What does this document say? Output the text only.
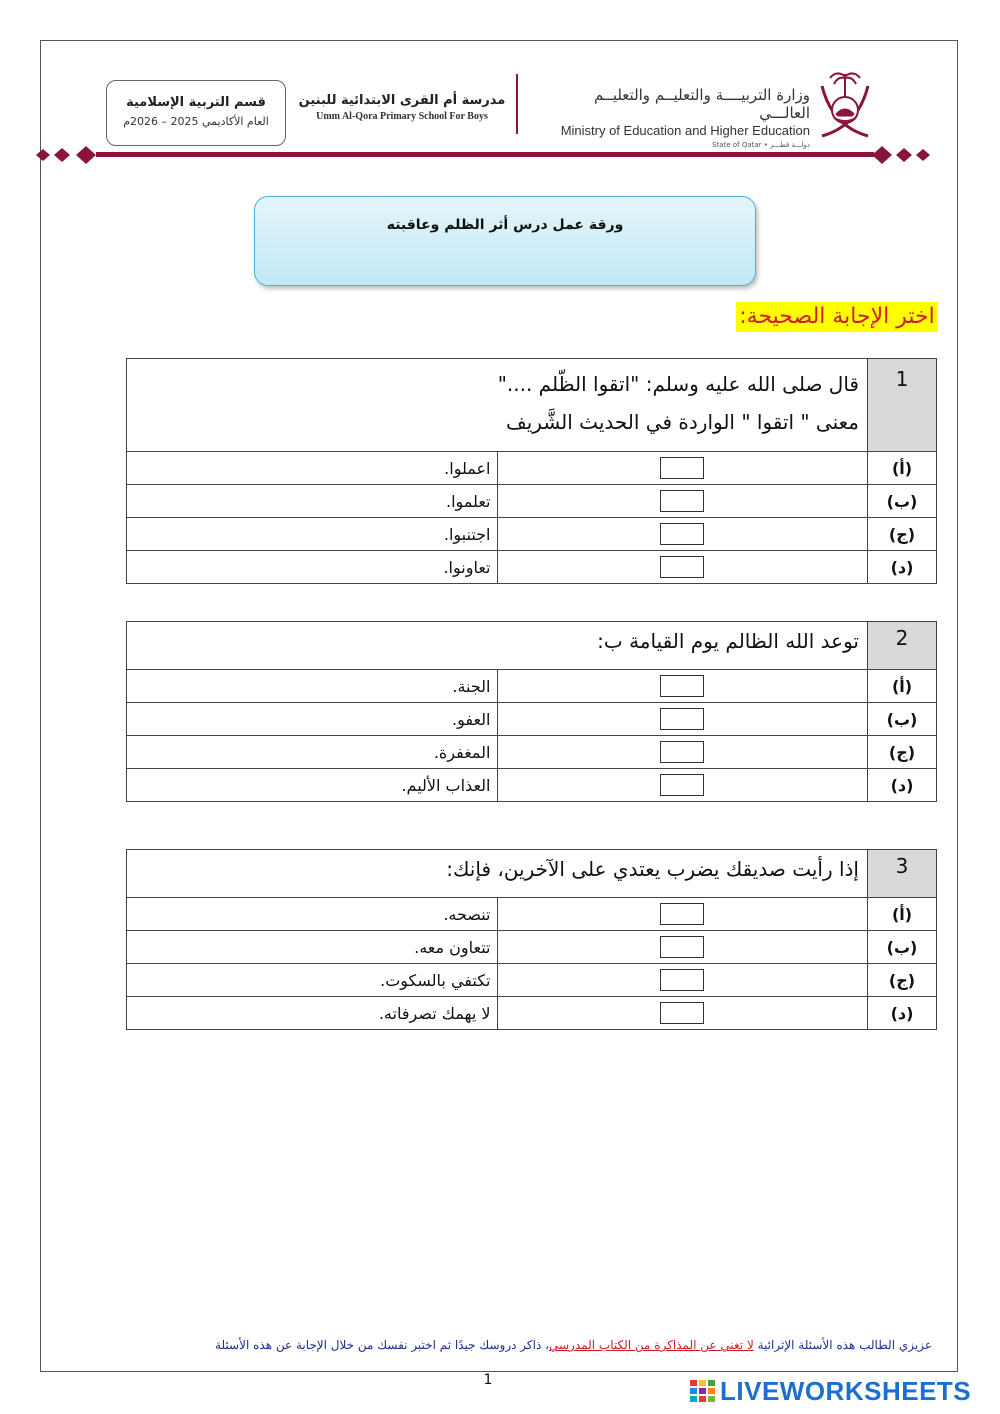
وزارة التربيــــة والتعليــم والتعليــم العالـــي
Ministry of Education and Higher Education
State of Qatar • دولـــة قطـــر
مدرسة أم القرى الابتدائية للبنين
Umm Al-Qora Primary School For Boys
قسم التربية الإسلامية
العام الأكاديمي 2025 – 2026م
ورقة عمل درس أثر الظلم وعاقبته
اختر الإجابة الصحيحة:
1	قال صلى الله عليه وسلم: "اتقوا الظّلم ...."
معنى " اتقوا " الواردة في الحديث الشَّريف	

(أ)		اعملوا.
(ب)		تعلموا.
(ج)		اجتنبوا.
(د)		تعاونوا.
2	توعد الله الظالم يوم القيامة ب:	

(أ)		الجنة.
(ب)		العفو.
(ج)		المغفرة.
(د)		العذاب الأليم.
3	إذا رأيت صديقك يضرب يعتدي على الآخرين، فإنك:	

(أ)		تنصحه.
(ب)		تتعاون معه.
(ج)		تكتفي بالسكوت.
(د)		لا يهمك تصرفاته.
عزيزي الطالب هذه الأسئلة الإثرائية لا تغني عن المذاكرة من الكتاب المدرسي، ذاكر دروسك جيدًا ثم اختبر نفسك من خلال الإجابة عن هذه الأسئلة
1	LIVEWORKSHEETS
